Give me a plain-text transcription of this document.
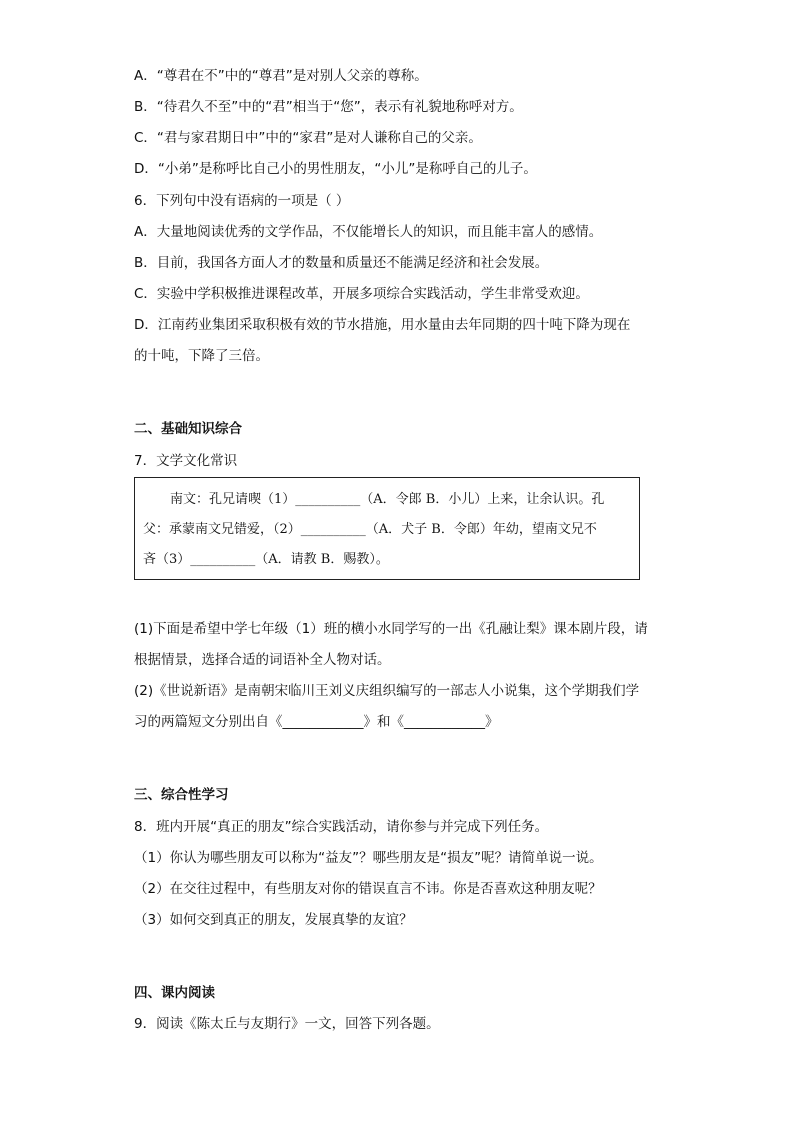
A．“尊君在不”中的“尊君”是对别人父亲的尊称。
B．“待君久不至”中的“君”相当于“您”，表示有礼貌地称呼对方。
C．“君与家君期日中”中的“家君”是对人谦称自己的父亲。
D．“小弟”是称呼比自己小的男性朋友，“小儿”是称呼自己的儿子。
6．下列句中没有语病的一项是（ ）
A．大量地阅读优秀的文学作品，不仅能增长人的知识，而且能丰富人的感情。
B．目前，我国各方面人才的数量和质量还不能满足经济和社会发展。
C．实验中学积极推进课程改革，开展多项综合实践活动，学生非常受欢迎。
D．江南药业集团采取积极有效的节水措施，用水量由去年同期的四十吨下降为现在
的十吨，下降了三倍。
二、基础知识综合
7．文学文化常识
南文：孔兄请喫（1）__________（A．令郎 B．小儿）上来，让余认识。孔
父：承蒙南文兄错爱，（2）__________（A．犬子 B．令郎）年幼，望南文兄不
吝（3）__________（A．请教 B．赐教）。
(1)下面是希望中学七年级（1）班的横小水同学写的一出《孔融让梨》课本剧片段，请
根据情景，选择合适的词语补全人物对话。
(2)《世说新语》是南朝宋临川王刘义庆组织编写的一部志人小说集，这个学期我们学
习的两篇短文分别出自《____________》和《____________》
三、综合性学习
8．班内开展“真正的朋友”综合实践活动，请你参与并完成下列任务。
（1）你认为哪些朋友可以称为“益友”？哪些朋友是“损友”呢？请简单说一说。
（2）在交往过程中，有些朋友对你的错误直言不讳。你是否喜欢这种朋友呢？
（3）如何交到真正的朋友，发展真挚的友谊？
四、课内阅读
9．阅读《陈太丘与友期行》一文，回答下列各题。
